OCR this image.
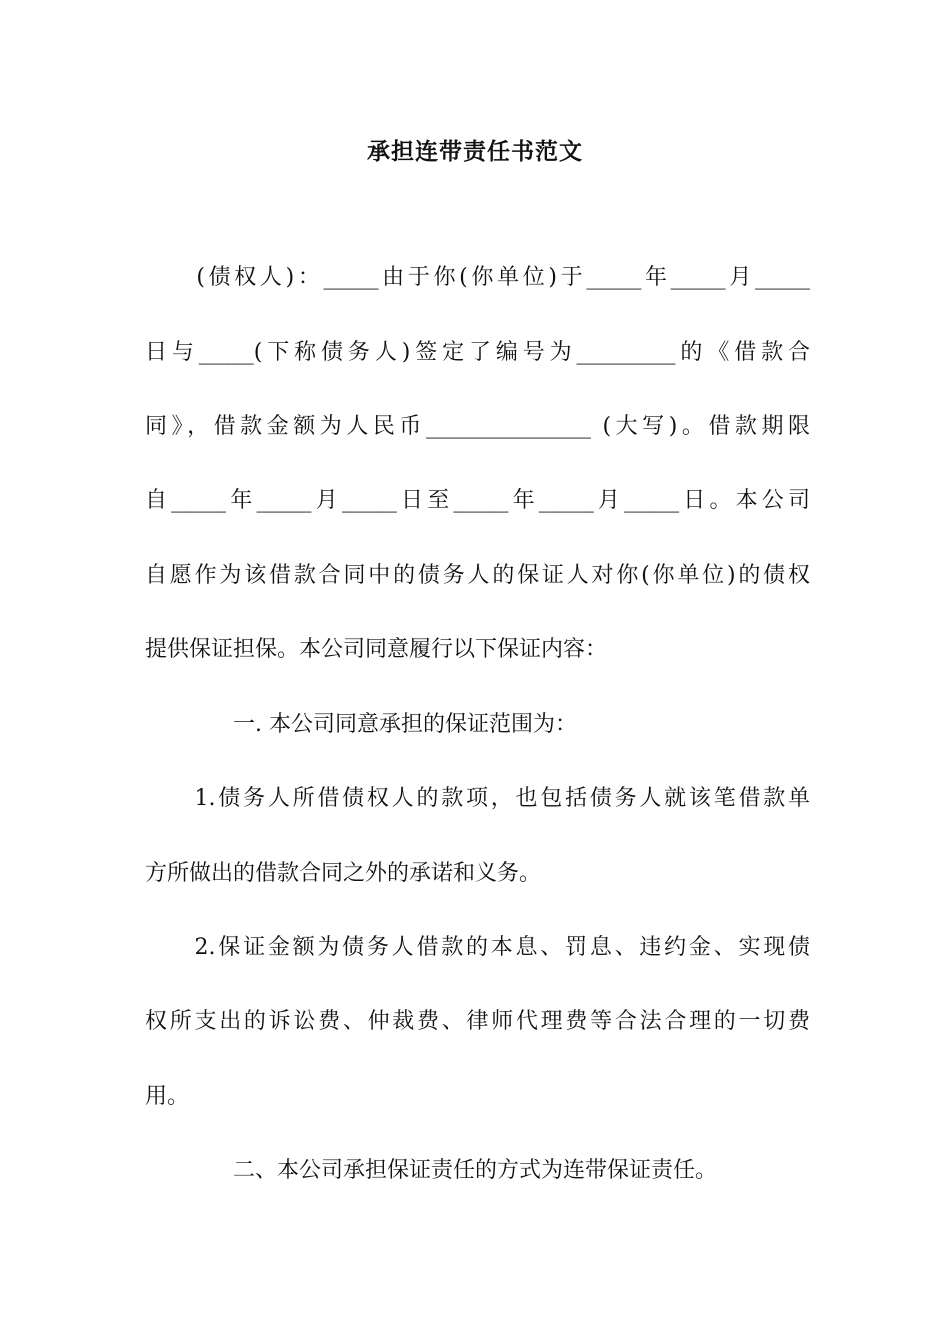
承担连带责任书范文

　　(债权人)：_____由于你(你单位)于_____年_____月_____

日与_____(下称债务人)签定了编号为_________的《借款合

同》，借款金额为人民币_______________ (大写)。借款期限

自_____年_____月_____日至_____年_____月_____日。本公司

自愿作为该借款合同中的债务人的保证人对你(你单位)的债权

提供保证担保。本公司同意履行以下保证内容：

　　　　一. 本公司同意承担的保证范围为：

　　1.债务人所借债权人的款项，也包括债务人就该笔借款单

方所做出的借款合同之外的承诺和义务。

　　2.保证金额为债务人借款的本息、罚息、违约金、实现债

权所支出的诉讼费、仲裁费、律师代理费等合法合理的一切费

用。

　　　　二、本公司承担保证责任的方式为连带保证责任。
